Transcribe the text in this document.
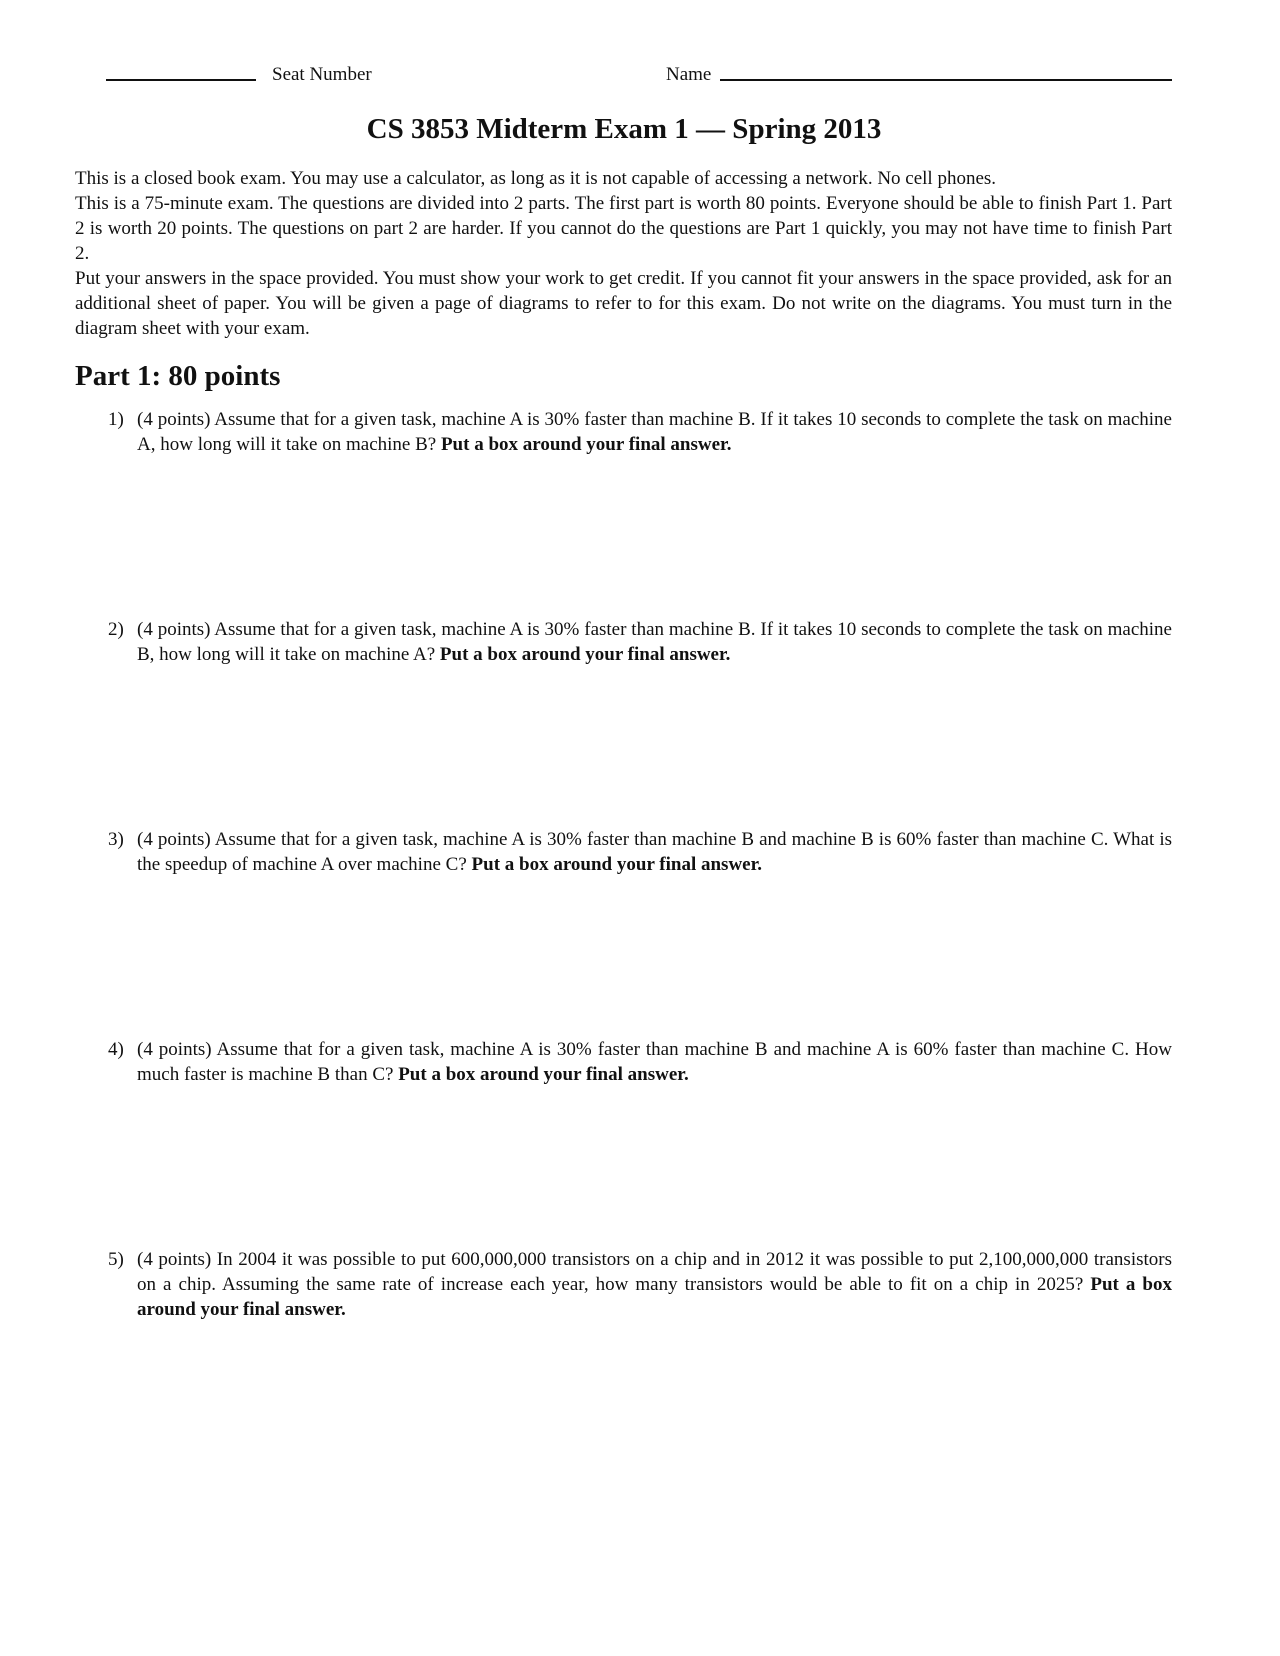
Seat Number	Name
CS 3853 Midterm Exam 1 — Spring 2013

This is a closed book exam. You may use a calculator, as long as it is not capable of accessing a network. No cell phones.

This is a 75-minute exam. The questions are divided into 2 parts. The first part is worth 80 points. Everyone should be able to finish Part 1. Part 2 is worth 20 points. The questions on part 2 are harder. If you cannot do the questions are Part 1 quickly, you may not have time to finish Part 2.

Put your answers in the space provided. You must show your work to get credit. If you cannot fit your answers in the space provided, ask for an additional sheet of paper. You will be given a page of diagrams to refer to for this exam. Do not write on the diagrams. You must turn in the diagram sheet with your exam.

Part 1: 80 points
1) (4 points) Assume that for a given task, machine A is 30% faster than machine B. If it takes 10 seconds to complete the task on machine A, how long will it take on machine B? Put a box around your final answer.
2) (4 points) Assume that for a given task, machine A is 30% faster than machine B. If it takes 10 seconds to complete the task on machine B, how long will it take on machine A? Put a box around your final answer.
3) (4 points) Assume that for a given task, machine A is 30% faster than machine B and machine B is 60% faster than machine C. What is the speedup of machine A over machine C? Put a box around your final answer.
4) (4 points) Assume that for a given task, machine A is 30% faster than machine B and machine A is 60% faster than machine C. How much faster is machine B than C? Put a box around your final answer.
5) (4 points) In 2004 it was possible to put 600,000,000 transistors on a chip and in 2012 it was possible to put 2,100,000,000 transistors on a chip. Assuming the same rate of increase each year, how many transistors would be able to fit on a chip in 2025? Put a box around your final answer.
